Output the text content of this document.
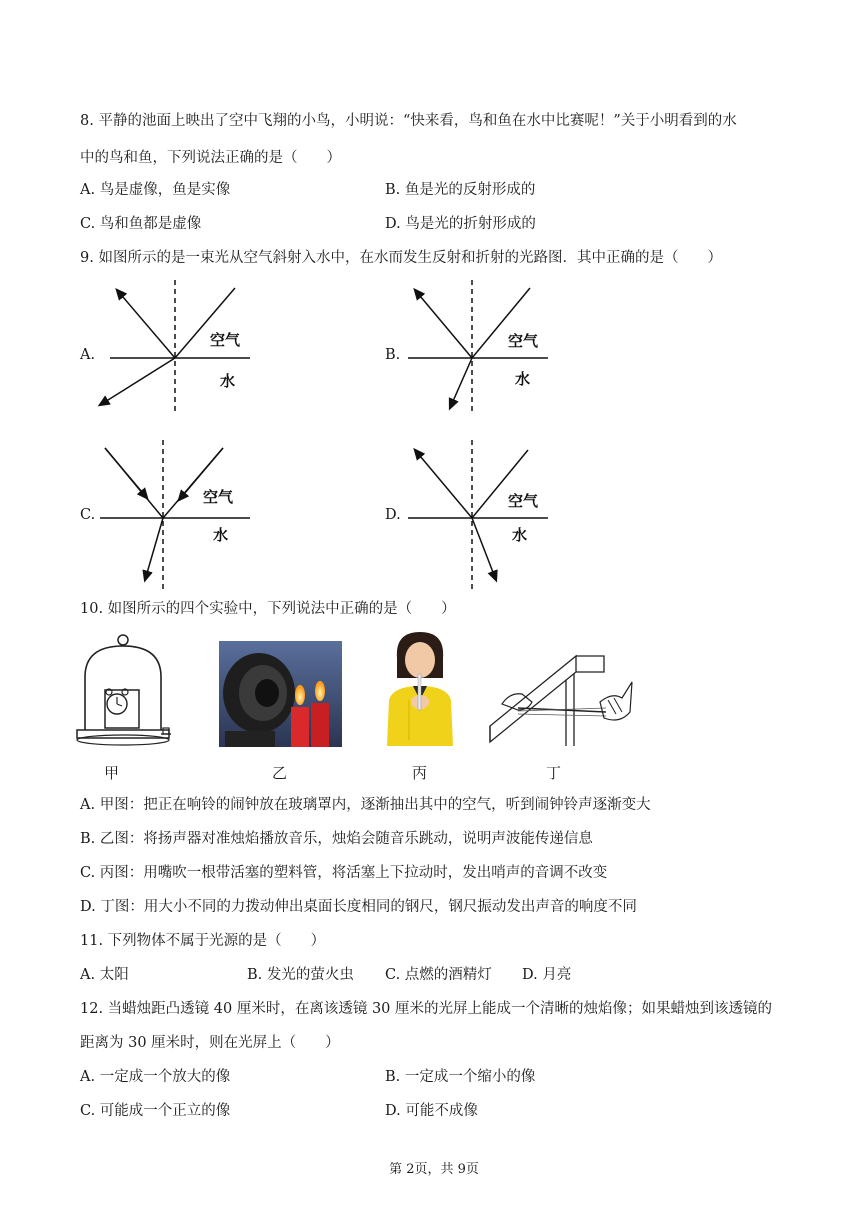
8. 平静的池面上映出了空中飞翔的小鸟，小明说：“快来看，鸟和鱼在水中比赛呢！”关于小明看到的水
中的鸟和鱼，下列说法正确的是（　　）
A. 鸟是虚像，鱼是实像	B. 鱼是光的反射形成的
C. 鸟和鱼都是虚像	D. 鸟是光的折射形成的
9. 如图所示的是一束光从空气斜射入水中，在水而发生反射和折射的光路图．其中正确的是（　　）
A.
空气
水
B.
空气
水
C.
空气
水
D.
空气
水
10. 如图所示的四个实验中，下列说法中正确的是（　　）
甲	乙	丙	丁
A. 甲图：把正在响铃的闹钟放在玻璃罩内，逐渐抽出其中的空气，听到闹钟铃声逐渐变大
B. 乙图：将扬声器对准烛焰播放音乐，烛焰会随音乐跳动，说明声波能传递信息
C. 丙图：用嘴吹一根带活塞的塑料管，将活塞上下拉动时，发出哨声的音调不改变
D. 丁图：用大小不同的力拨动伸出桌面长度相同的钢尺，钢尺振动发出声音的响度不同
11. 下列物体不属于光源的是（　　）
A. 太阳	B. 发光的萤火虫 C. 点燃的酒精灯 D. 月亮
12. 当蜡烛距凸透镜 40 厘米时，在离该透镜 30 厘米的光屏上能成一个清晰的烛焰像；如果蜡烛到该透镜的
距离为 30 厘米时，则在光屏上（　　）
A. 一定成一个放大的像	B. 一定成一个缩小的像
C. 可能成一个正立的像	D. 可能不成像
第 2页，共 9页
